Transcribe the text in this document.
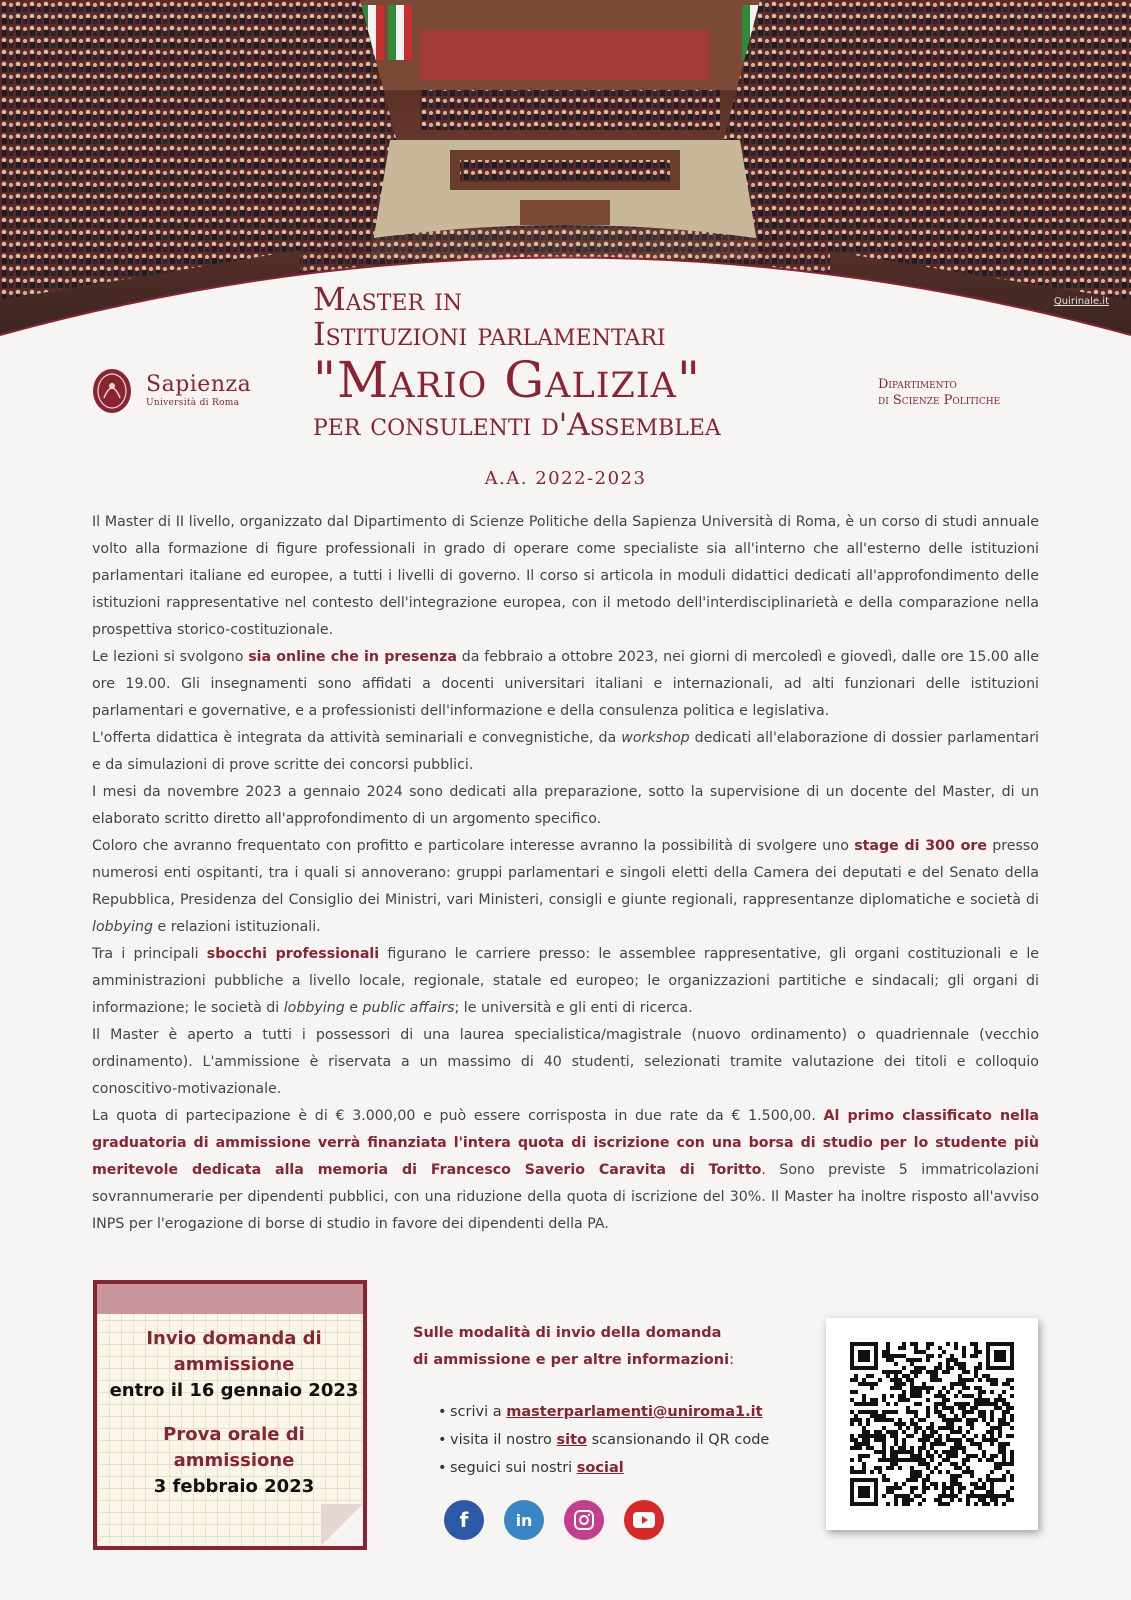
Quirinale.it
Sapienza
Università di Roma
Dipartimento
di Scienze Politiche
Master in
Istituzioni parlamentari
"Mario Galizia"
per consulenti d'Assemblea
A.A. 2022-2023

Il Master di II livello, organizzato dal Dipartimento di Scienze Politiche della Sapienza Università di Roma, è un corso di studi annuale volto alla formazione di figure professionali in grado di operare come specialiste sia all'interno che all'esterno delle istituzioni parlamentari italiane ed europee, a tutti i livelli di governo. Il corso si articola in moduli didattici dedicati all'approfondimento delle istituzioni rappresentative nel contesto dell'integrazione europea, con il metodo dell'interdisciplinarietà e della comparazione nella prospettiva storico-costituzionale.

Le lezioni si svolgono sia online che in presenza da febbraio a ottobre 2023, nei giorni di mercoledì e giovedì, dalle ore 15.00 alle ore 19.00. Gli insegnamenti sono affidati a docenti universitari italiani e internazionali, ad alti funzionari delle istituzioni parlamentari e governative, e a professionisti dell'informazione e della consulenza politica e legislativa.

L'offerta didattica è integrata da attività seminariali e convegnistiche, da workshop dedicati all'elaborazione di dossier parlamentari e da simulazioni di prove scritte dei concorsi pubblici.

I mesi da novembre 2023 a gennaio 2024 sono dedicati alla preparazione, sotto la supervisione di un docente del Master, di un elaborato scritto diretto all'approfondimento di un argomento specifico.

Coloro che avranno frequentato con profitto e particolare interesse avranno la possibilità di svolgere uno stage di 300 ore presso numerosi enti ospitanti, tra i quali si annoverano: gruppi parlamentari e singoli eletti della Camera dei deputati e del Senato della Repubblica, Presidenza del Consiglio dei Ministri, vari Ministeri, consigli e giunte regionali, rappresentanze diplomatiche e società di lobbying e relazioni istituzionali.

Tra i principali sbocchi professionali figurano le carriere presso: le assemblee rappresentative, gli organi costituzionali e le amministrazioni pubbliche a livello locale, regionale, statale ed europeo; le organizzazioni partitiche e sindacali; gli organi di informazione; le società di lobbying e public affairs; le università e gli enti di ricerca.

Il Master è aperto a tutti i possessori di una laurea specialistica/magistrale (nuovo ordinamento) o quadriennale (vecchio ordinamento). L'ammissione è riservata a un massimo di 40 studenti, selezionati tramite valutazione dei titoli e colloquio conoscitivo-motivazionale.

La quota di partecipazione è di € 3.000,00 e può essere corrisposta in due rate da € 1.500,00. Al primo classificato nella graduatoria di ammissione verrà finanziata l'intera quota di iscrizione con una borsa di studio per lo studente più meritevole dedicata alla memoria di Francesco Saverio Caravita di Toritto. Sono previste 5 immatricolazioni sovrannumerarie per dipendenti pubblici, con una riduzione della quota di iscrizione del 30%. Il Master ha inoltre risposto all'avviso INPS per l'erogazione di borse di studio in favore dei dipendenti della PA.

Invio domanda di
ammissione
entro il 16 gennaio 2023
Prova orale di
ammissione
3 febbraio 2023
Sulle modalità di invio della domanda
di ammissione e per altre informazioni:
• scrivi a masterparlamenti@uniroma1.it
• visita il nostro sito scansionando il QR code
• seguici sui nostri social
f	in
